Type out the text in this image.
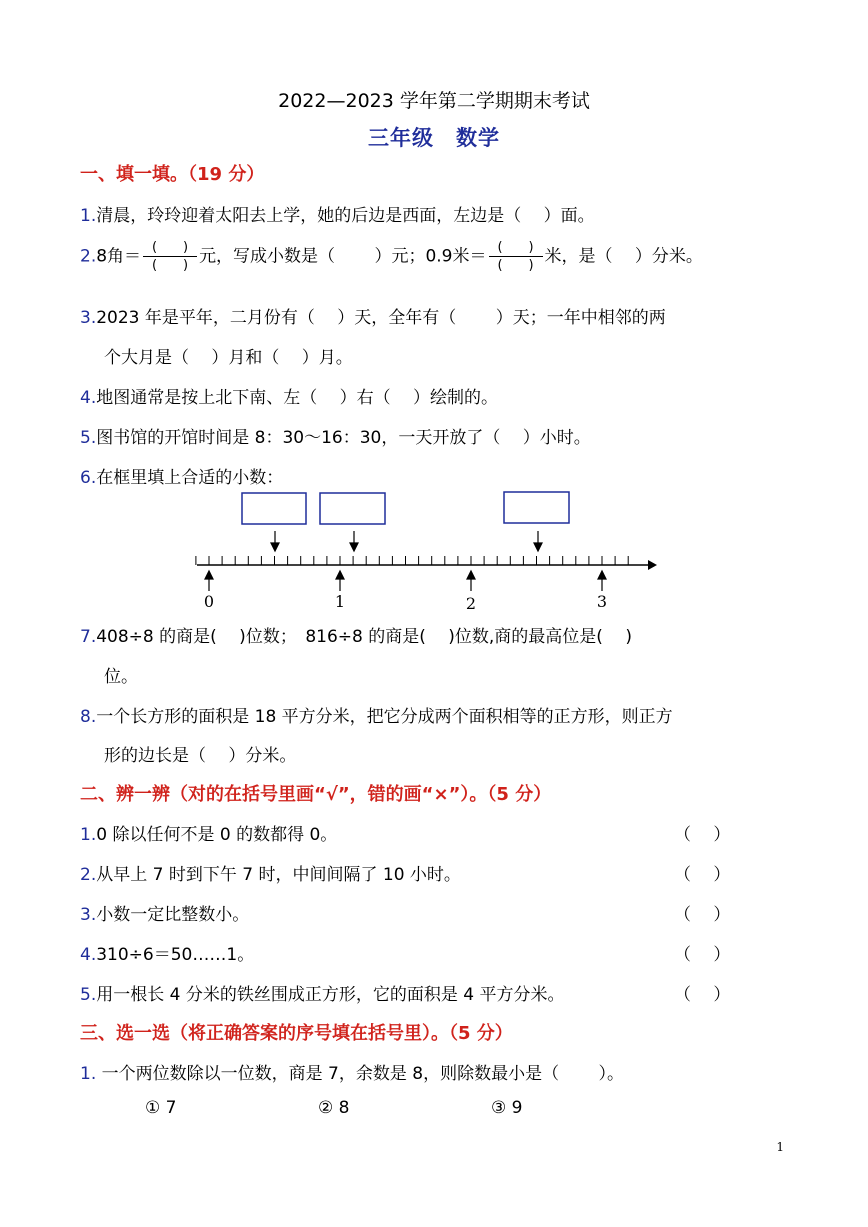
2022—2023 学年第二学期期末考试
三年级　数学
一、填一填。（19 分）
1.清晨，玲玲迎着太阳去上学，她的后边是西面，左边是（　 ）面。
2.8角＝ $\frac{( )}{( )}$ 元，写成小数是（　　 ）元；0.9米＝ $\frac{( )}{( )}$ 米，是（　 ）分米。
3.2023 年是平年，二月份有（　 ）天，全年有（　　 ）天；一年中相邻的两
个大月是（　 ）月和（　 ）月。
4.地图通常是按上北下南、左（　 ）右（　 ）绘制的。
5.图书馆的开馆时间是 8：30～16：30，一天开放了（　 ）小时。
6.在框里填上合适的小数：
0	1	2	3
7.408÷8 的商是(　 )位数；　816÷8 的商是(　 )位数,商的最高位是(　 )
位。
8.一个长方形的面积是 18 平方分米，把它分成两个面积相等的正方形，则正方
形的边长是（　 ）分米。
二、辨一辨（对的在括号里画“√”，错的画“×”）。（5 分）
1.0 除以任何不是 0 的数都得 0。	（　 ）
2.从早上 7 时到下午 7 时，中间间隔了 10 小时。	（　 ）
3.小数一定比整数小。	（　 ）
4.310÷6＝50……1。	（　 ）
5.用一根长 4 分米的铁丝围成正方形，它的面积是 4 平方分米。	（　 ）
三、选一选（将正确答案的序号填在括号里）。（5 分）
1. 一个两位数除以一位数，商是 7，余数是 8，则除数最小是（　　 ）。
① 7	② 8	③ 9
1
